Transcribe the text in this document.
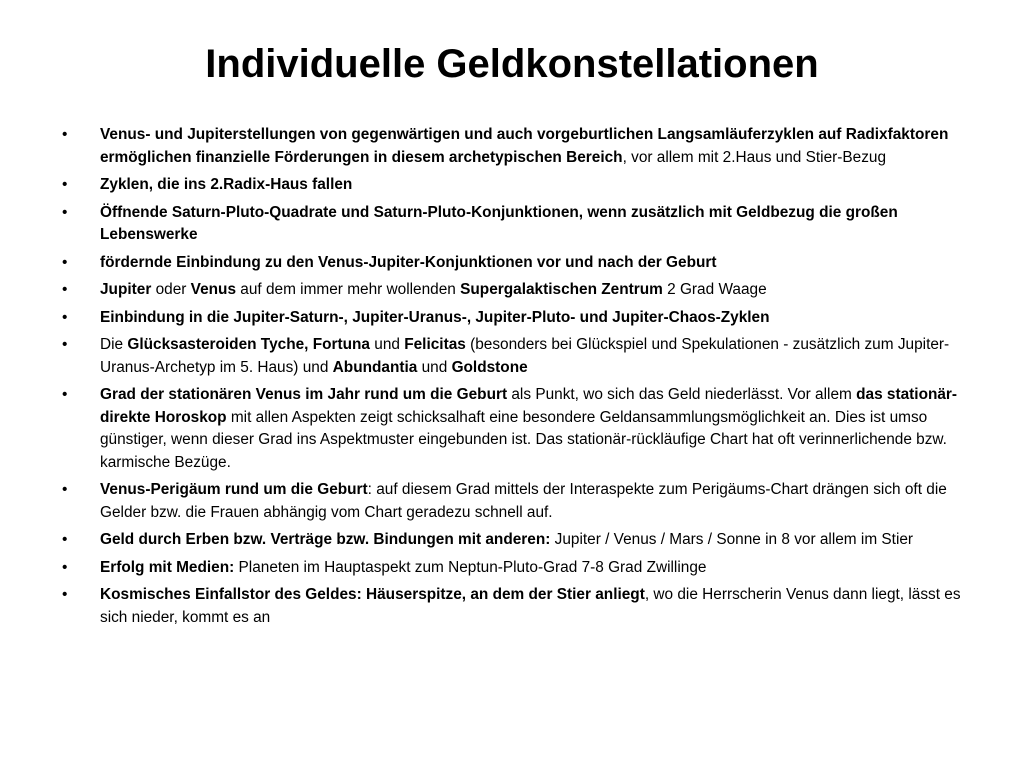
Individuelle Geldkonstellationen
•	Venus- und Jupiterstellungen von gegenwärtigen und auch vorgeburtlichen Langsamläuferzyklen auf Radixfaktoren ermöglichen finanzielle Förderungen in diesem archetypischen Bereich, vor allem mit 2.Haus und Stier-Bezug
•	Zyklen, die ins 2.Radix-Haus fallen
•	Öffnende Saturn-Pluto-Quadrate und Saturn-Pluto-Konjunktionen, wenn zusätzlich mit Geldbezug die großen Lebenswerke
•	fördernde Einbindung zu den Venus-Jupiter-Konjunktionen vor und nach der Geburt
•	Jupiter oder Venus auf dem immer mehr wollenden Supergalaktischen Zentrum 2 Grad Waage
•	Einbindung in die Jupiter-Saturn-, Jupiter-Uranus-, Jupiter-Pluto- und Jupiter-Chaos-Zyklen
•	Die Glücksasteroiden Tyche, Fortuna und Felicitas (besonders bei Glückspiel und Spekulationen - zusätzlich zum Jupiter-Uranus-Archetyp im 5. Haus) und Abundantia und Goldstone
•	Grad der stationären Venus im Jahr rund um die Geburt als Punkt, wo sich das Geld niederlässt. Vor allem das stationär-direkte Horoskop mit allen Aspekten zeigt schicksalhaft eine besondere Geldansammlungsmöglichkeit an. Dies ist umso günstiger, wenn dieser Grad ins Aspektmuster eingebunden ist. Das stationär-rückläufige Chart hat oft verinnerlichende bzw. karmische Bezüge.
•	Venus-Perigäum rund um die Geburt: auf diesem Grad mittels der Interaspekte zum Perigäums-Chart drängen sich oft die Gelder bzw. die Frauen abhängig vom Chart geradezu schnell auf.
•	Geld durch Erben bzw. Verträge bzw. Bindungen mit anderen: Jupiter / Venus / Mars / Sonne in 8 vor allem im Stier
•	Erfolg mit Medien: Planeten im Hauptaspekt zum Neptun-Pluto-Grad 7-8 Grad Zwillinge
•	Kosmisches Einfallstor des Geldes: Häuserspitze, an dem der Stier anliegt, wo die Herrscherin Venus dann liegt, lässt es sich nieder, kommt es an
